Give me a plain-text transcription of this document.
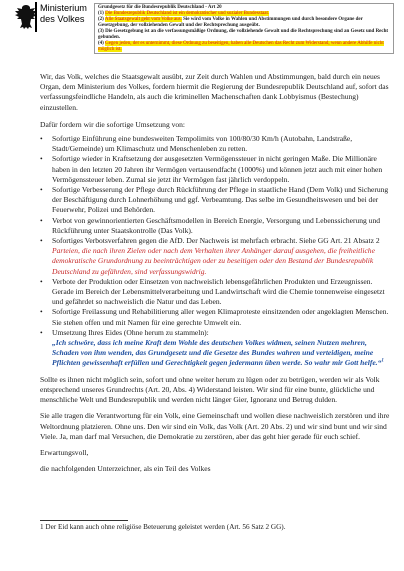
Ministerium
des Volkes

Grundgesetz für die Bundesrepublik Deutschland - Art 20

(1) Die Bundesrepublik Deutschland ist ein demokratischer und sozialer Bundesstaat.

(2) Alle Staatsgewalt geht vom Volke aus. Sie wird vom Volke in Wahlen und Abstimmungen und durch besondere Organe der Gesetzgebung, der vollziehenden Gewalt und der Rechtsprechung ausgeübt.

(3) Die Gesetzgebung ist an die verfassungsmäßige Ordnung, die vollziehende Gewalt und die Rechtsprechung sind an Gesetz und Recht gebunden.

(4) Gegen jeden, der es unternimmt, diese Ordnung zu beseitigen, haben alle Deutschen das Recht zum Widerstand, wenn andere Abhilfe nicht möglich ist.

Wir, das Volk, welches die Staatsgewalt ausübt, zur Zeit durch Wahlen und Abstimmungen, bald durch ein neues Organ, dem Ministerium des Volkes, fordern hiermit die Regierung der Bundesrepublik Deutschland auf, sofort das verfassungsfeindliche Handeln, als auch die kriminellen Machenschaften dank Lobbyismus (Bestechung) einzustellen.

Dafür fordern wir die sofortige Umsetzung von:

• Sofortige Einführung eine bundesweiten Tempolimits von 100/80/30 Km/h (Autobahn, Landstraße, Stadt/Gemeinde) um Klimaschutz und Menschenleben zu retten.
• Sofortige wieder in Kraftsetzung der ausgesetzten Vermögenssteuer in nicht geringen Maße. Die Millionäre haben in den letzten 20 Jahren ihr Vermögen vertausendfacht (1000%) und können jetzt auch mit einer hohen Vermögenssteuer leben. Zumal sie jetzt ihr Vermögen fast jährlich verdoppeln.
• Sofortige Verbesserung der Pflege durch Rückführung der Pflege in staatliche Hand (Dem Volk) und Sicherung der Beschäftigung durch Lohnerhöhung und ggf. Verbeamtung. Das selbe im Gesundheitswesen und bei der Feuerwehr, Polizei und Behörden.
• Verbot von gewinnorientierten Geschäftsmodellen in Bereich Energie, Versorgung und Lebenssicherung und Rückführung unter Staatskontrolle (Das Volk).
• Sofortiges Verbotsverfahren gegen die AfD. Der Nachweis ist mehrfach erbracht. Siehe GG Art. 21 Absatz 2
Parteien, die nach ihren Zielen oder nach dem Verhalten ihrer Anhänger darauf ausgehen, die freiheitliche demokratische Grundordnung zu beeinträchtigen oder zu beseitigen oder den Bestand der Bundesrepublik Deutschland zu gefährden, sind verfassungswidrig.
• Verbote der Produktion oder Einsetzen von nachweislich lebensgefährlichen Produkten und Erzeugnissen. Gerade im Bereich der Lebensmittelverarbeitung und Landwirtschaft wird die Chemie tonnenweise eingesetzt und gefährdet so nachweislich die Natur und das Leben.
• Sofortige Freilassung und Rehabilitierung aller wegen Klimaproteste einsitzenden oder angeklagten Menschen. Sie stehen offen und mit Namen für eine gerechte Umwelt ein.
• Umsetzung Ihres Eides (Ohne herum zu stammeln):
„Ich schwöre, dass ich meine Kraft dem Wohle des deutschen Volkes widmen, seinen Nutzen mehren, Schaden von ihm wenden, das Grundgesetz und die Gesetze des Bundes wahren und verteidigen, meine Pflichten gewissenhaft erfüllen und Gerechtigkeit gegen jedermann üben werde. So wahr mir Gott helfe.“$^1$

Sollte es ihnen nicht möglich sein, sofort und ohne weiter herum zu lügen oder zu betrügen, werden wir als Volk entsprechend unseres Grundrechts (Art. 20, Abs. 4) Widerstand leisten. Wir sind für eine bunte, glückliche und menschliche Welt und Bundesrepublik und werden nicht länger Gier, Ignoranz und Betrug dulden.

Sie alle tragen die Verantwortung für ein Volk, eine Gemeinschaft und wollen diese nachweislich zerstören und ihre Weltordnung platzieren. Ohne uns. Den wir sind ein Volk, das Volk (Art. 20 Abs. 2) und wir sind bunt und wir sind Viele. Ja, man darf mal Versuchen, die Demokratie zu zerstören, aber das geht hier gerade für euch schief.

Erwartungsvoll,

die nachfolgenden Unterzeichner, als ein Teil des Volkes

1 Der Eid kann auch ohne religiöse Beteuerung geleistet werden (Art. 56 Satz 2 GG).
